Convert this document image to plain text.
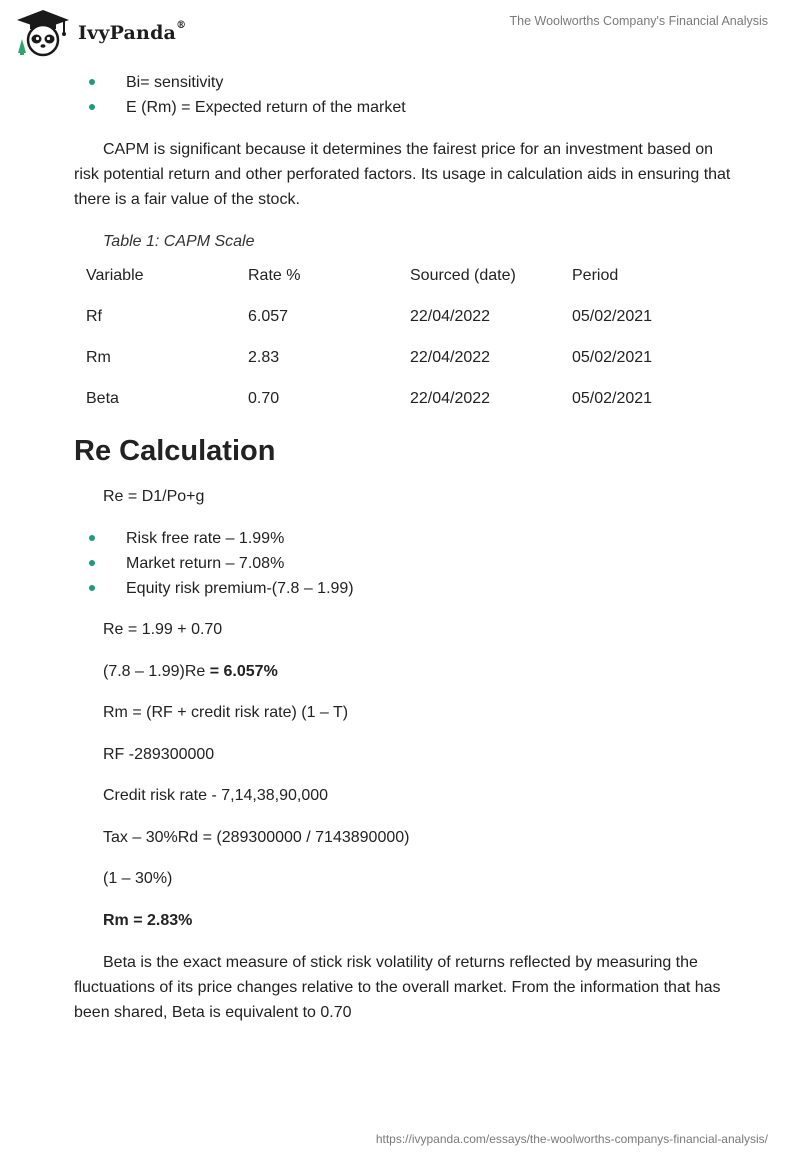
IvyPanda®	The Woolworths Company's Financial Analysis
Bi= sensitivity
E (Rm) = Expected return of the market

CAPM is significant because it determines the fairest price for an investment based on risk potential return and other perforated factors. Its usage in calculation aids in ensuring that there is a fair value of the stock.

Table 1: CAPM Scale

Variable	Rate %	Sourced (date)	Period
Rf	6.057	22/04/2022	05/02/2021
Rm	2.83	22/04/2022	05/02/2021
Beta	0.70	22/04/2022	05/02/2021
Re Calculation

Re = D1/Po+g

Risk free rate – 1.99%
Market return – 7.08%
Equity risk premium-(7.8 – 1.99)

Re = 1.99 + 0.70

(7.8 – 1.99)Re = 6.057%

Rm = (RF + credit risk rate) (1 – T)

RF -289300000

Credit risk rate - 7,14,38,90,000

Tax – 30%Rd = (289300000 / 7143890000)

(1 – 30%)

Rm = 2.83%

Beta is the exact measure of stick risk volatility of returns reflected by measuring the fluctuations of its price changes relative to the overall market. From the information that has been shared, Beta is equivalent to 0.70

https://ivypanda.com/essays/the-woolworths-companys-financial-analysis/
